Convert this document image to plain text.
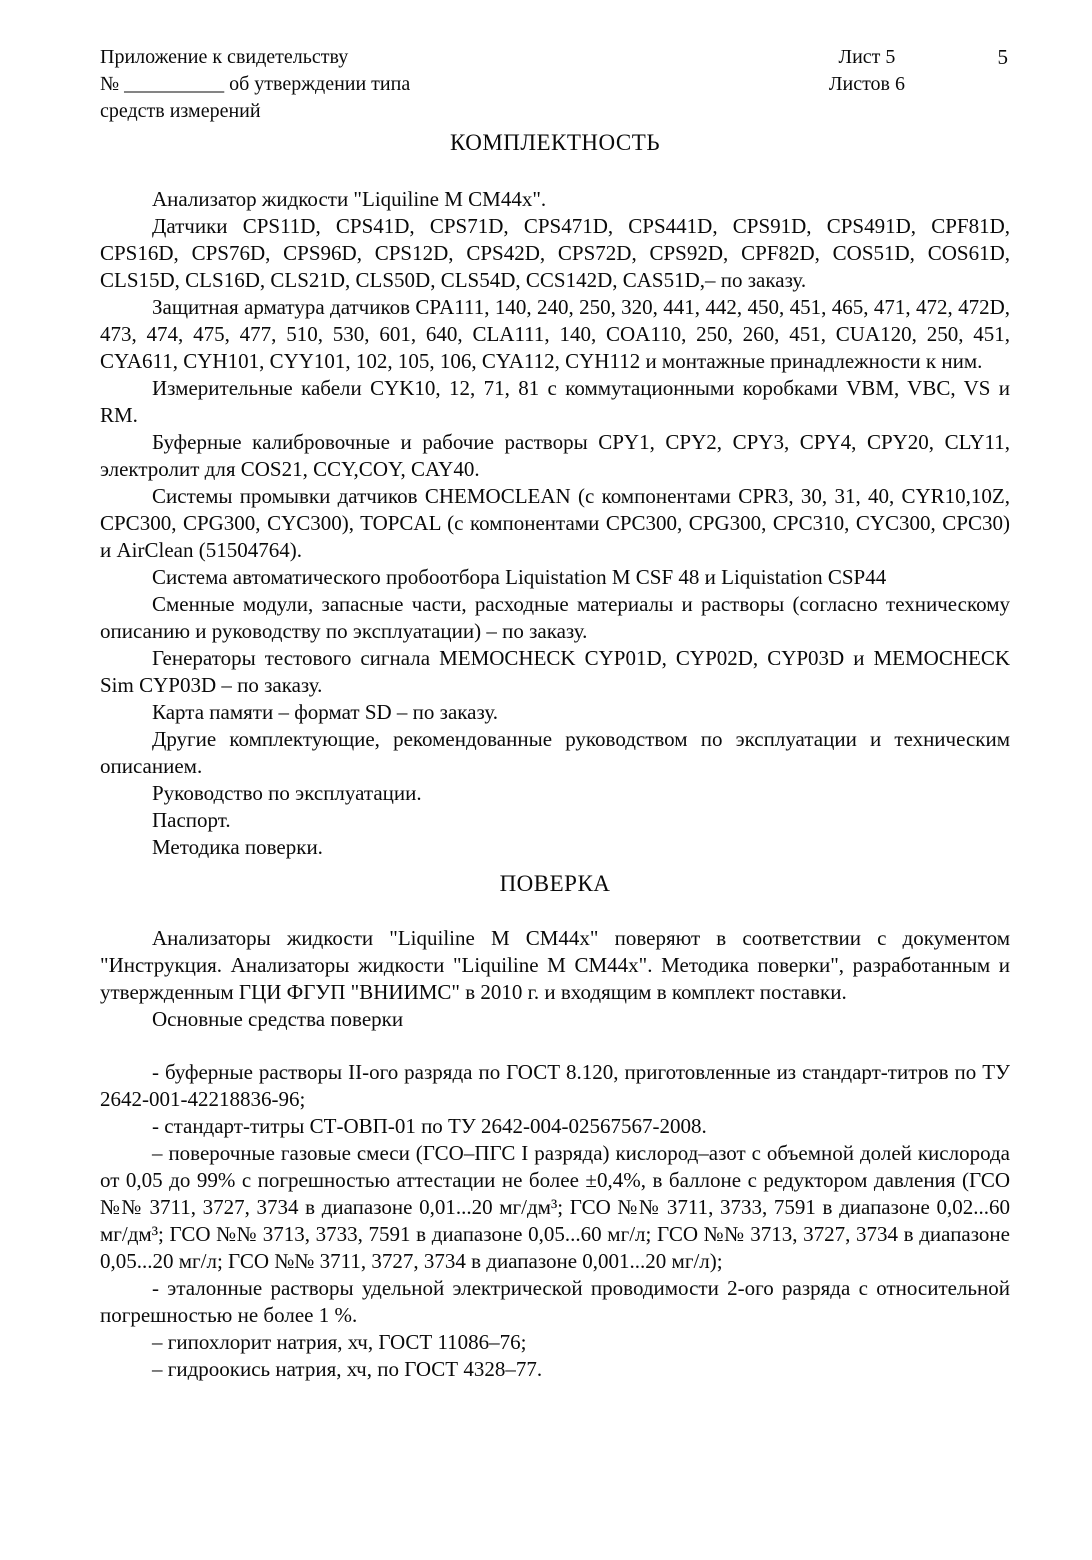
Приложение к свидетельству
№ __________ об утверждении типа
средств измерений
Лист 5
Листов 6
5
КОМПЛЕКТНОСТЬ

Анализатор жидкости "Liquiline M CM44x".

Датчики CPS11D, CPS41D, CPS71D, CPS471D, CPS441D, CPS91D, CPS491D, CPF81D, CPS16D, CPS76D, CPS96D, CPS12D, CPS42D, CPS72D, CPS92D, CPF82D, COS51D, COS61D, CLS15D, CLS16D, CLS21D, CLS50D, CLS54D, CCS142D, CAS51D,– по заказу.

Защитная арматура датчиков CPA111, 140, 240, 250, 320, 441, 442, 450, 451, 465, 471, 472, 472D, 473, 474, 475, 477, 510, 530, 601, 640, CLA111, 140, COA110, 250, 260, 451, CUA120, 250, 451, CYA611, CYH101, CYY101, 102, 105, 106, CYA112, CYH112 и монтажные принадлежности к ним.

Измерительные кабели CYK10, 12, 71, 81 с коммутационными коробками VBM, VBC, VS и RM.

Буферные калибровочные и рабочие растворы CPY1, CPY2, CPY3, CPY4, CPY20, CLY11, электролит для COS21, CCY,COY, CAY40.

Системы промывки датчиков CHEMOCLEAN (с компонентами CPR3, 30, 31, 40, CYR10,10Z, CPC300, CPG300, CYC300), TOPCAL (с компонентами CPC300, CPG300, CPC310, CYC300, CPC30) и AirClean (51504764).

Система автоматического пробоотбора Liquistation M CSF 48 и Liquistation CSP44

Сменные модули, запасные части, расходные материалы и растворы (согласно техническому описанию и руководству по эксплуатации) – по заказу.

Генераторы тестового сигнала MEMOCHECK CYP01D, CYP02D, CYP03D и MEMOCHECK Sim CYP03D – по заказу.

Карта памяти – формат SD – по заказу.

Другие комплектующие, рекомендованные руководством по эксплуатации и техническим описанием.

Руководство по эксплуатации.

Паспорт.

Методика поверки.

ПОВЕРКА

Анализаторы жидкости "Liquiline M CM44x" поверяют в соответствии с документом "Инструкция. Анализаторы жидкости "Liquiline M CM44x". Методика поверки", разработанным и утвержденным ГЦИ ФГУП "ВНИИМС" в 2010 г. и входящим в комплект поставки.

Основные средства поверки

- буферные растворы II-ого разряда по ГОСТ 8.120, приготовленные из стандарт-титров по ТУ 2642-001-42218836-96;

- стандарт-титры СТ-ОВП-01 по ТУ 2642-004-02567567-2008.

– поверочные газовые смеси (ГСО–ПГС I разряда) кислород–азот с объемной долей кислорода от 0,05 до 99% с погрешностью аттестации не более ±0,4%, в баллоне с редуктором давления (ГСО №№ 3711, 3727, 3734 в диапазоне 0,01...20 мг/дм³; ГСО №№ 3711, 3733, 7591 в диапазоне 0,02...60 мг/дм³; ГСО №№ 3713, 3733, 7591 в диапазоне 0,05...60 мг/л; ГСО №№ 3713, 3727, 3734 в диапазоне 0,05...20 мг/л; ГСО №№ 3711, 3727, 3734 в диапазоне 0,001...20 мг/л);

- эталонные растворы удельной электрической проводимости 2-ого разряда с относительной погрешностью не более 1 %.

– гипохлорит натрия, хч, ГОСТ 11086–76;

– гидроокись натрия, хч, по ГОСТ 4328–77.
